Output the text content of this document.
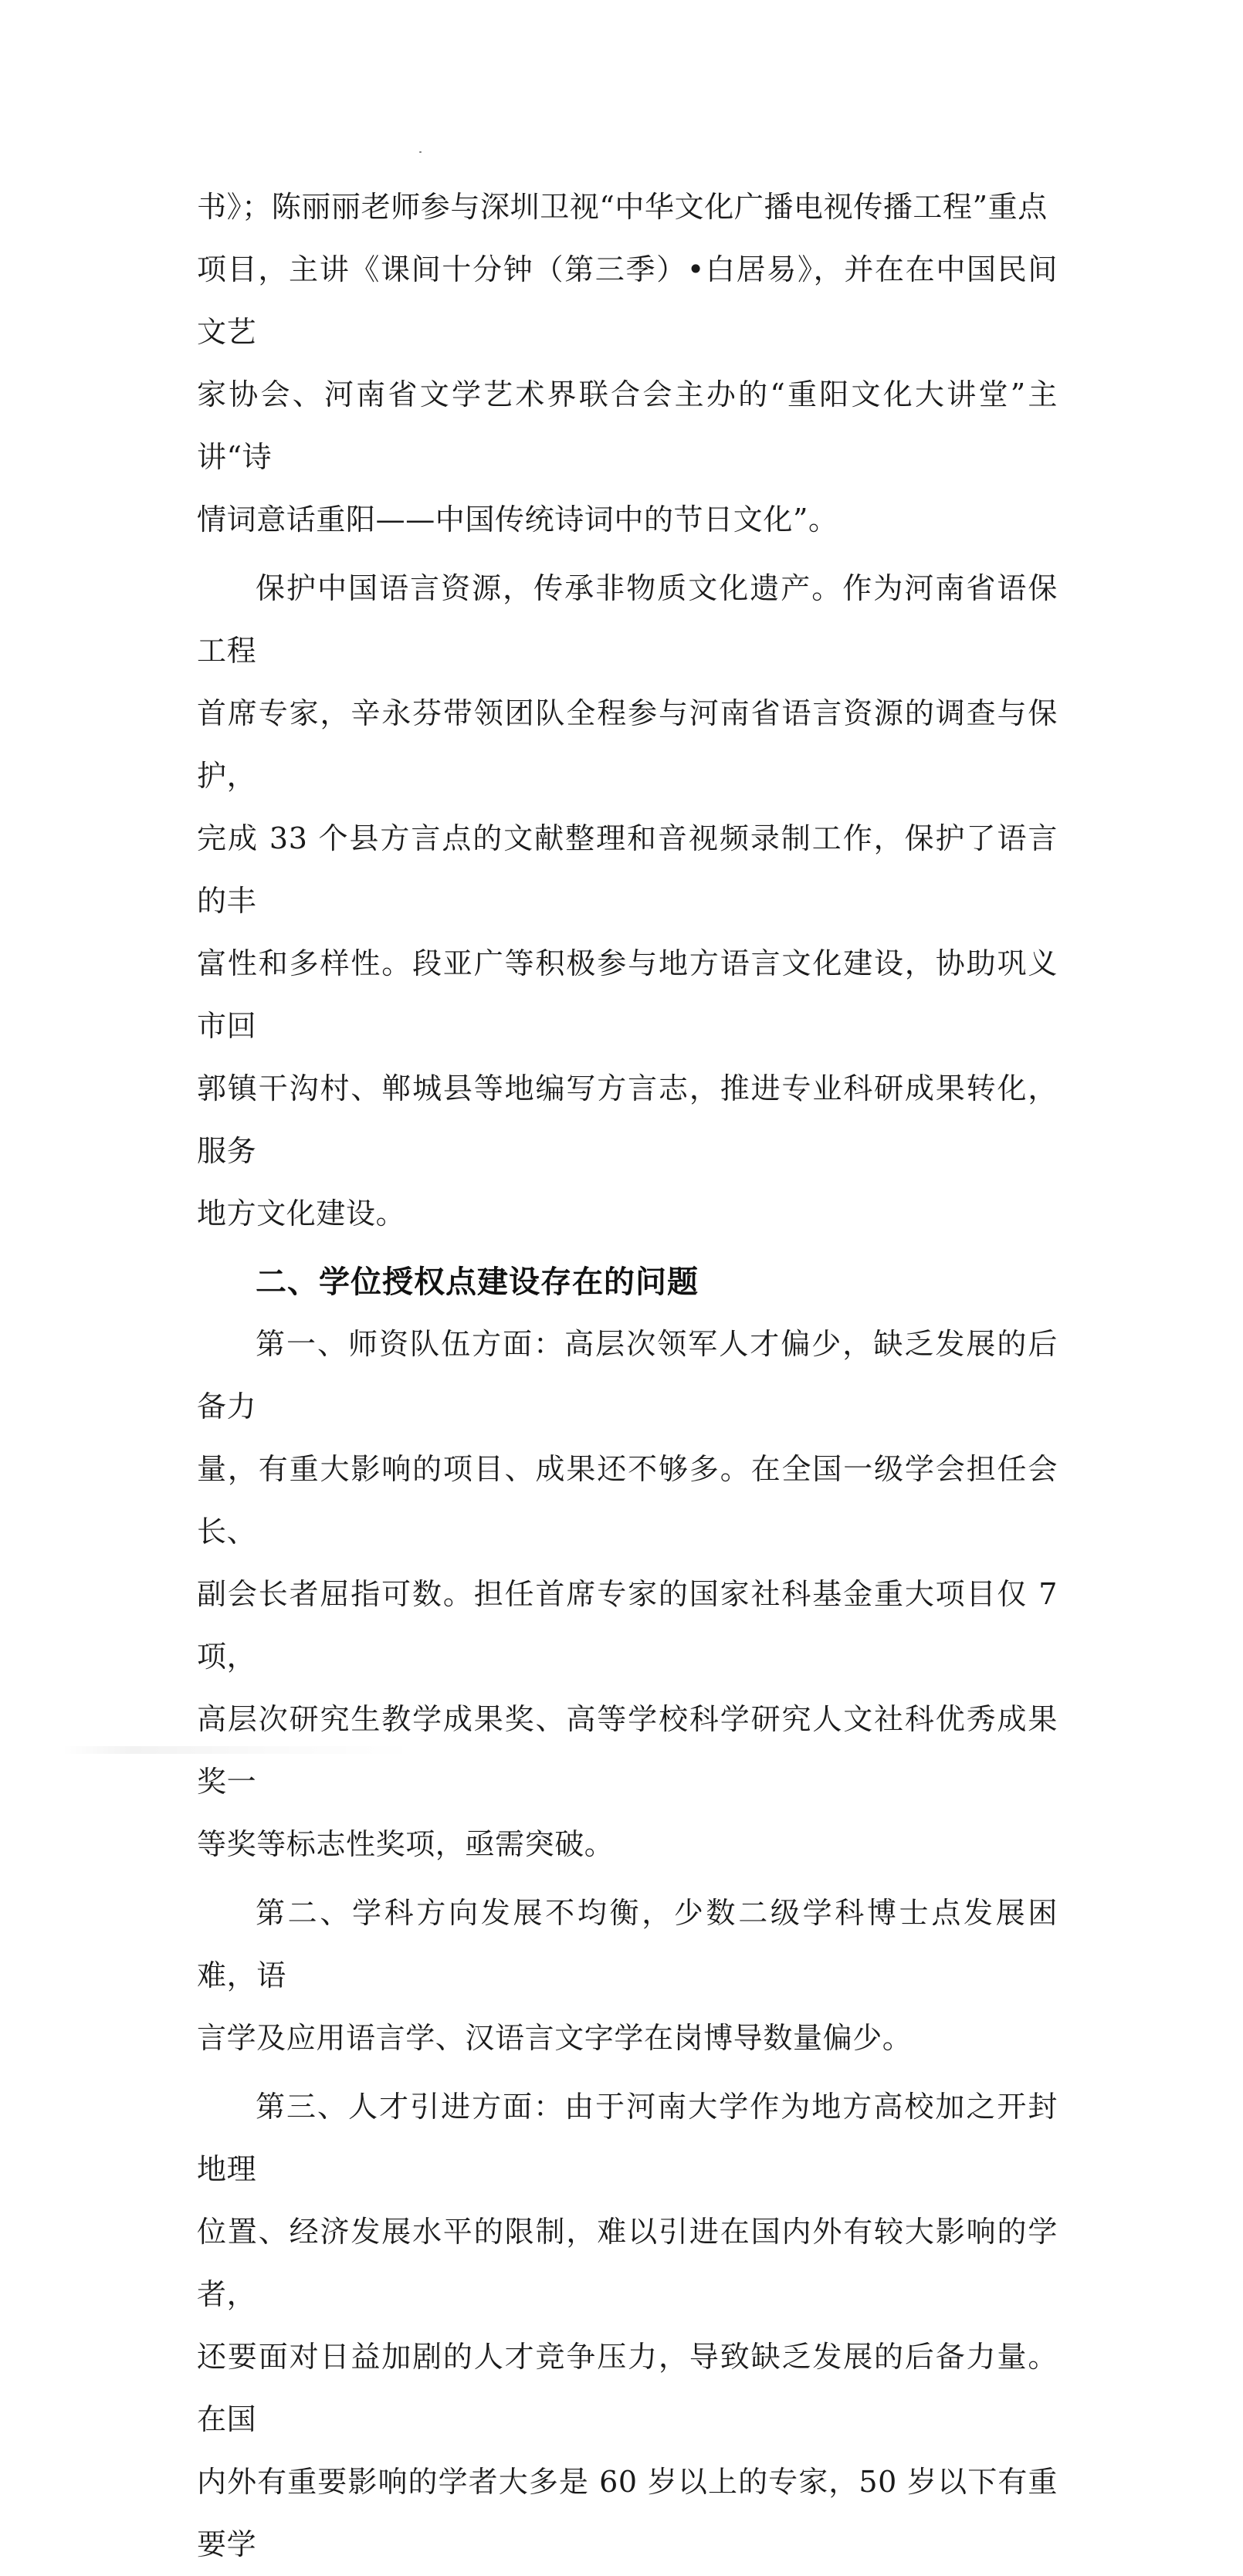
书》；陈丽丽老师参与深圳卫视“中华文化广播电视传播工程”重点
项目，主讲《课间十分钟（第三季）•白居易》，并在在中国民间文艺
家协会、河南省文学艺术界联合会主办的“重阳文化大讲堂”主讲“诗
情词意话重阳——中国传统诗词中的节日文化”。

保护中国语言资源，传承非物质文化遗产。作为河南省语保工程
首席专家，辛永芬带领团队全程参与河南省语言资源的调查与保护，
完成 33 个县方言点的文献整理和音视频录制工作，保护了语言的丰
富性和多样性。段亚广等积极参与地方语言文化建设，协助巩义市回
郭镇干沟村、郸城县等地编写方言志，推进专业科研成果转化，服务
地方文化建设。

二、学位授权点建设存在的问题

第一、师资队伍方面：高层次领军人才偏少，缺乏发展的后备力
量，有重大影响的项目、成果还不够多。在全国一级学会担任会长、
副会长者屈指可数。担任首席专家的国家社科基金重大项目仅 7 项，
高层次研究生教学成果奖、高等学校科学研究人文社科优秀成果奖一
等奖等标志性奖项，亟需突破。

第二、学科方向发展不均衡，少数二级学科博士点发展困难，语
言学及应用语言学、汉语言文字学在岗博导数量偏少。

第三、人才引进方面：由于河南大学作为地方高校加之开封地理
位置、经济发展水平的限制，难以引进在国内外有较大影响的学者，
还要面对日益加剧的人才竞争压力，导致缺乏发展的后备力量。在国
内外有重要影响的学者大多是 60 岁以上的专家，50 岁以下有重要学
